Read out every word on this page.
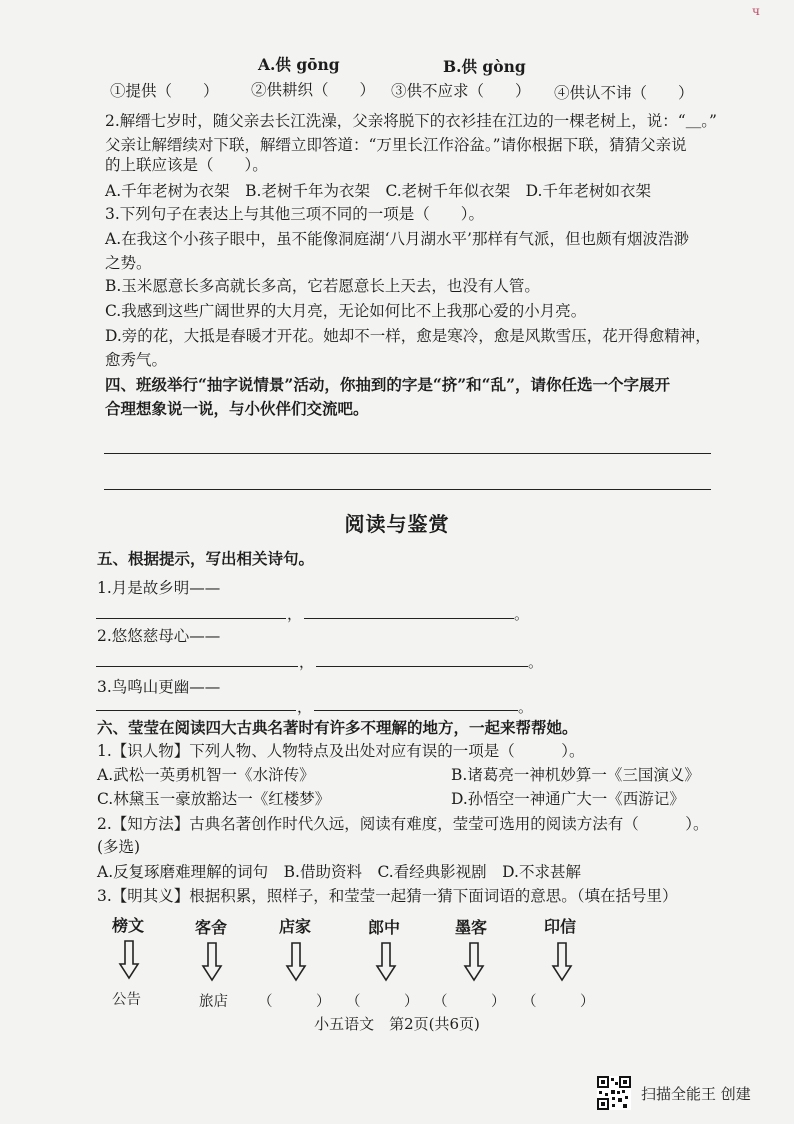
ч
A.供 gōng	B.供 gòng
①提供（　　） ②供耕织（　　） ③供不应求（　　） ④供认不讳（　　）
2.解缙七岁时，随父亲去长江洗澡，父亲将脱下的衣衫挂在江边的一棵老树上，说：“＿。”
父亲让解缙续对下联，解缙立即答道：“万里长江作浴盆。”请你根据下联，猜猜父亲说
的上联应该是（　　）。
A.千年老树为衣架　B.老树千年为衣架　C.老树千年似衣架　D.千年老树如衣架
3.下列句子在表达上与其他三项不同的一项是（　　）。
A.在我这个小孩子眼中，虽不能像洞庭湖‘八月湖水平’那样有气派，但也颇有烟波浩渺
之势。
B.玉米愿意长多高就长多高，它若愿意长上天去，也没有人管。
C.我感到这些广阔世界的大月亮，无论如何比不上我那心爱的小月亮。
D.旁的花，大抵是春暖才开花。她却不一样，愈是寒冷，愈是风欺雪压，花开得愈精神，
愈秀气。
四、班级举行“抽字说情景”活动，你抽到的字是“挤”和“乱”，请你任选一个字展开
合理想象说一说，与小伙伴们交流吧。
阅读与鉴赏
五、根据提示，写出相关诗句。
1.月是故乡明——
，	。
2.悠悠慈母心——
，	。
3.鸟鸣山更幽——
，	。
六、莹莹在阅读四大古典名著时有许多不理解的地方，一起来帮帮她。
1.【识人物】下列人物、人物特点及出处对应有误的一项是（　　　）。
A.武松一英勇机智一《水浒传》	B.诸葛亮一神机妙算一《三国演义》
C.林黛玉一豪放豁达一《红楼梦》	D.孙悟空一神通广大一《西游记》
2.【知方法】古典名著创作时代久远，阅读有难度，莹莹可选用的阅读方法有（　　　）。
(多选)
A.反复琢磨难理解的词句　B.借助资料　C.看经典影视剧　D.不求甚解
3.【明其义】根据积累，照样子，和莹莹一起猜一猜下面词语的意思。（填在括号里）
榜文	客舍	店家	郎中	墨客	印信
公告	旅店 （　　　） （　　　） （　　　） （　　　）
小五语文　第2页(共6页)
扫描全能王 创建
